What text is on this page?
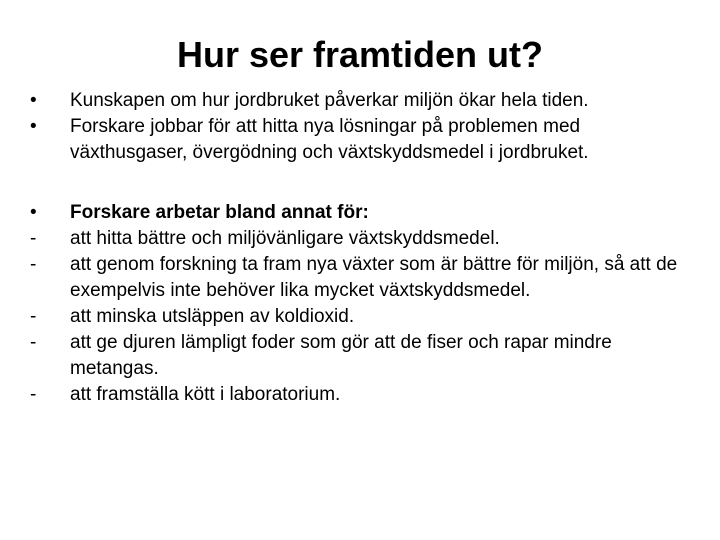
Hur ser framtiden ut?
•	Kunskapen om hur jordbruket påverkar miljön ökar hela tiden.
•	Forskare jobbar för att hitta nya lösningar på problemen med växthusgaser, övergödning och växtskyddsmedel i jordbruket.
•	Forskare arbetar bland annat för:
-	att hitta bättre och miljövänligare växtskyddsmedel.
-	att genom forskning ta fram nya växter som är bättre för miljön, så att de exempelvis inte behöver lika mycket växtskyddsmedel.
-	att minska utsläppen av koldioxid.
-	att ge djuren lämpligt foder som gör att de fiser och rapar mindre metangas.
-	att framställa kött i laboratorium.
